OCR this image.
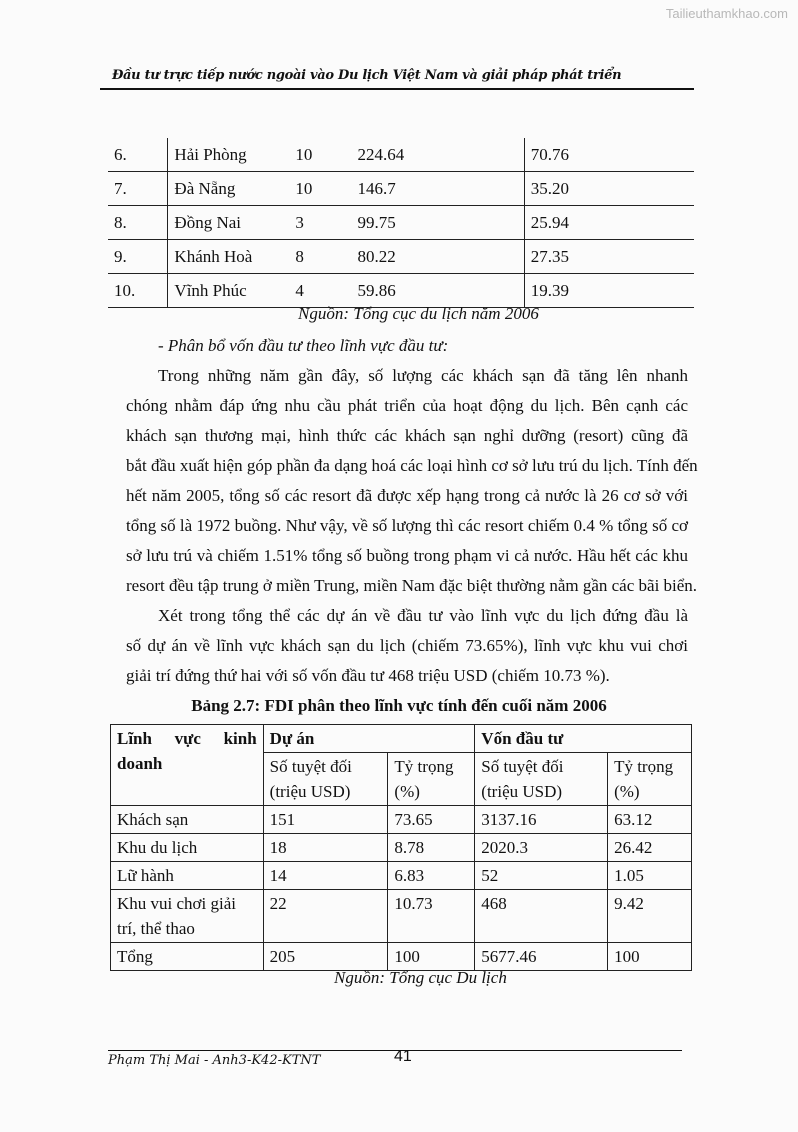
Tailieuthamkhao.com
Đầu tư trực tiếp nước ngoài vào Du lịch Việt Nam và giải pháp phát triển
6.	Hải Phòng	10	224.64	70.76
7.	Đà Nẵng	10	146.7	35.20
8.	Đồng Nai	3	99.75	25.94
9.	Khánh Hoà	8	80.22	27.35
10.	Vĩnh Phúc	4	59.86	19.39
Nguồn: Tổng cục du lịch năm 2006
- Phân bổ vốn đầu tư theo lĩnh vực đầu tư:
Trong những năm gần đây, số lượng các khách sạn đã tăng lên nhanh
chóng nhằm đáp ứng nhu cầu phát triển của hoạt động du lịch. Bên cạnh các
khách sạn thương mại, hình thức các khách sạn nghỉ dưỡng (resort) cũng đã
bắt đầu xuất hiện góp phần đa dạng hoá các loại hình cơ sở lưu trú du lịch. Tính đến
hết năm 2005, tổng số các resort đã được xếp hạng trong cả nước là 26 cơ sở với
tổng số là 1972 buồng. Như vậy, về số lượng thì các resort chiếm 0.4 % tổng số cơ
sở lưu trú và chiếm 1.51% tổng số buồng trong phạm vi cả nước. Hầu hết các khu
resort đều tập trung ở miền Trung, miền Nam đặc biệt thường nằm gần các bãi biển.
Xét trong tổng thể các dự án về đầu tư vào lĩnh vực du lịch đứng đầu là
số dự án về lĩnh vực khách sạn du lịch (chiếm 73.65%), lĩnh vực khu vui chơi
giải trí đứng thứ hai với số vốn đầu tư 468 triệu USD (chiếm 10.73 %).
Bảng 2.7: FDI phân theo lĩnh vực tính đến cuối năm 2006
Lĩnh vực kinh doanh	Dự án		Vốn đầu tư	
	Số tuyệt đối (triệu USD)	Tỷ trọng (%)	Số tuyệt đối (triệu USD)	Tỷ trọng (%)
Khách sạn	151	73.65	3137.16	63.12
Khu du lịch	18	8.78	2020.3	26.42
Lữ hành	14	6.83	52	1.05
Khu vui chơi giải trí, thể thao	22	10.73	468	9.42
Tổng	205	100	5677.46	100
Nguồn: Tổng cục Du lịch
Phạm Thị Mai - Anh3-K42-KTNT	41
